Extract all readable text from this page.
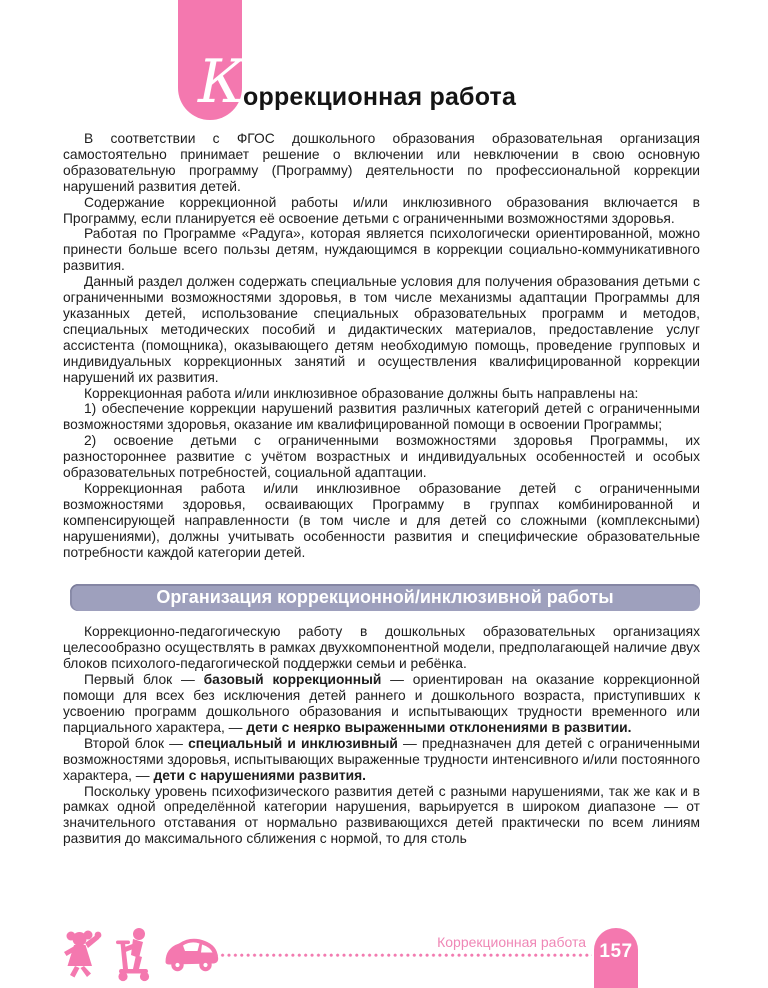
К
оррекционная работа

В соответствии с ФГОС дошкольного образования образовательная организация самостоятельно принимает решение о включении или невключении в свою основную образовательную программу (Программу) деятельности по профессиональной коррекции нарушений развития детей.

Содержание коррекционной работы и/или инклюзивного образования включается в Программу, если планируется её освоение детьми с ограниченными возможностями здоровья.

Работая по Программе «Радуга», которая является психологически ориентированной, можно принести больше всего пользы детям, нуждающимся в коррекции социально-коммуникативного развития.

Данный раздел должен содержать специальные условия для получения образования детьми с ограниченными возможностями здоровья, в том числе механизмы адаптации Программы для указанных детей, использование специальных образовательных программ и методов, специальных методических пособий и дидактических материалов, предоставление услуг ассистента (помощника), оказывающего детям необходимую помощь, проведение групповых и индивидуальных коррекционных занятий и осуществления квалифицированной коррекции нарушений их развития.

Коррекционная работа и/или инклюзивное образование должны быть направлены на:

1) обеспечение коррекции нарушений развития различных категорий детей с ограниченными возможностями здоровья, оказание им квалифицированной помощи в освоении Программы;

2) освоение детьми с ограниченными возможностями здоровья Программы, их разностороннее развитие с учётом возрастных и индивидуальных особенностей и особых образовательных потребностей, социальной адаптации.

Коррекционная работа и/или инклюзивное образование детей с ограниченными возможностями здоровья, осваивающих Программу в группах комбинированной и компенсирующей направленности (в том числе и для детей со сложными (комплексными) нарушениями), должны учитывать особенности развития и специфические образовательные потребности каждой категории детей.

Организация коррекционной/инклюзивной работы

Коррекционно-педагогическую работу в дошкольных образовательных организациях целесообразно осуществлять в рамках двухкомпонентной модели, предполагающей наличие двух блоков психолого-педагогической поддержки семьи и ребёнка.

Первый блок — базовый коррекционный — ориентирован на оказание коррекционной помощи для всех без исключения детей раннего и дошкольного возраста, приступивших к усвоению программ дошкольного образования и испытывающих трудности временного или парциального характера, — дети с неярко выраженными отклонениями в развитии.

Второй блок — специальный и инклюзивный — предназначен для детей с ограниченными возможностями здоровья, испытывающих выраженные трудности интенсивного и/или постоянного характера, — дети с нарушениями развития.

Поскольку уровень психофизического развития детей с разными нарушениями, так же как и в рамках одной определённой категории нарушения, варьируется в широком диапазоне — от значительного отставания от нормально развивающихся детей практически по всем линиям развития до максимального сближения с нормой, то для столь

Коррекционная работа 157
